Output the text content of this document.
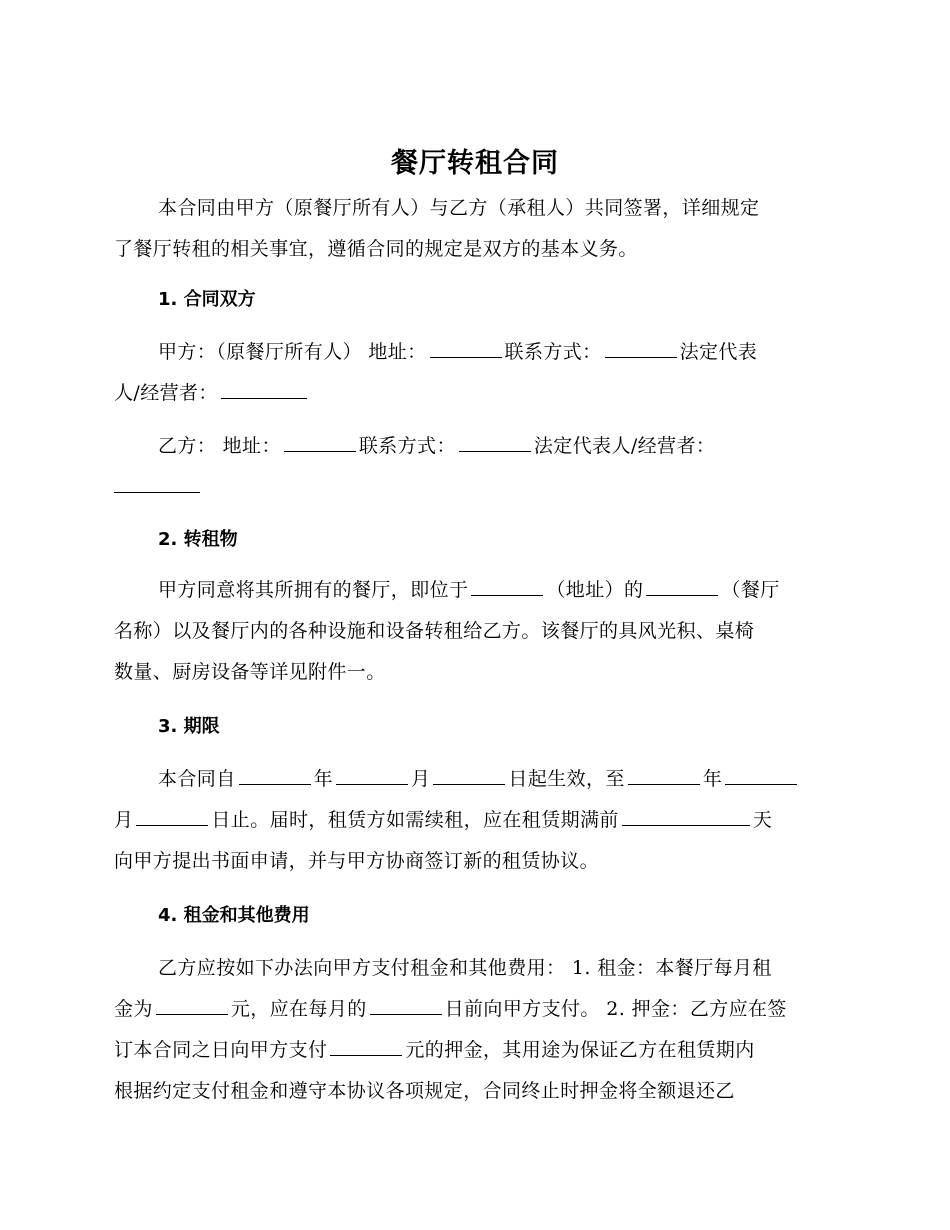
餐厅转租合同
本合同由甲方（原餐厅所有人）与乙方（承租人）共同签署，详细规定
了餐厅转租的相关事宜，遵循合同的规定是双方的基本义务。
1. 合同双方
甲方：（原餐厅所有人） 地址：	联系方式：	法定代表
人/经营者：
乙方： 地址：	联系方式：	法定代表人/经营者：
2. 转租物
甲方同意将其所拥有的餐厅，即位于	（地址）的	（餐厅
名称）以及餐厅内的各种设施和设备转租给乙方。该餐厅的具风光积、桌椅
数量、厨房设备等详见附件一。
3. 期限
本合同自	年	月	日起生效，至	年
月	日止。届时，租赁方如需续租，应在租赁期满前	天
向甲方提出书面申请，并与甲方协商签订新的租赁协议。
4. 租金和其他费用
乙方应按如下办法向甲方支付租金和其他费用： 1. 租金：本餐厅每月租
金为	元，应在每月的	日前向甲方支付。 2. 押金：乙方应在签
订本合同之日向甲方支付	元的押金，其用途为保证乙方在租赁期内
根据约定支付租金和遵守本协议各项规定，合同终止时押金将全额退还乙
